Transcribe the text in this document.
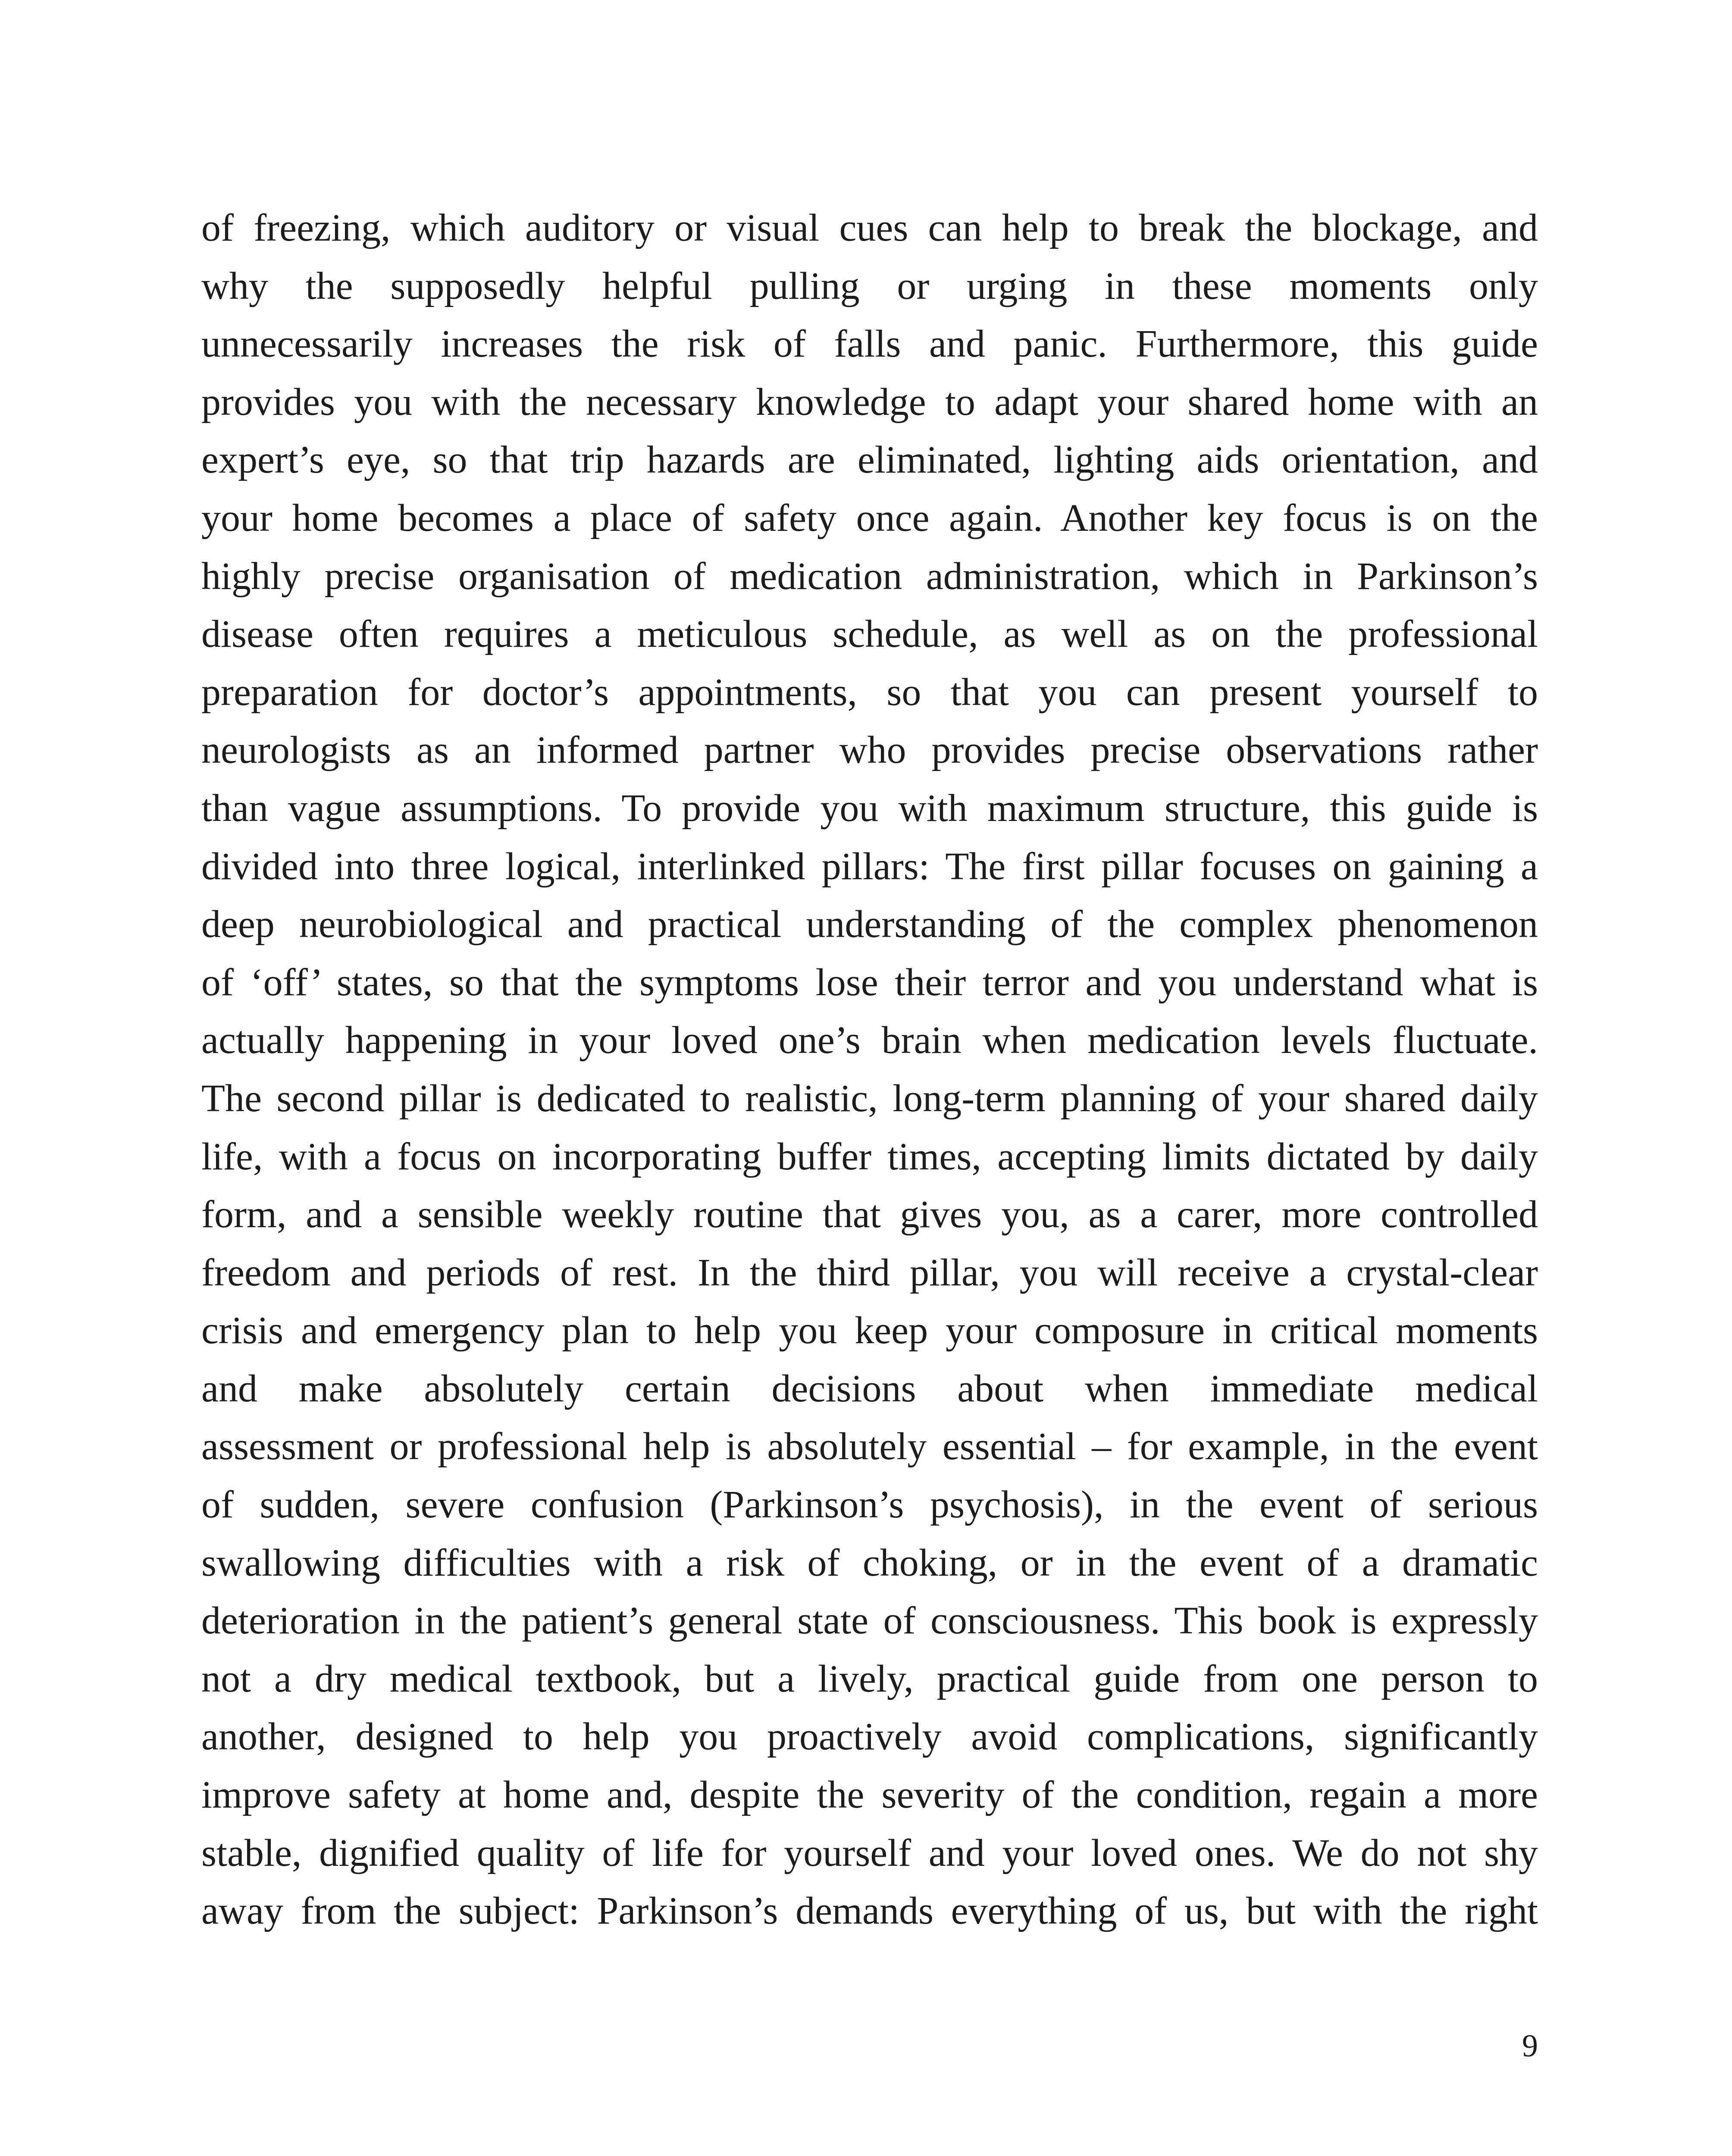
of freezing, which auditory or visual cues can help to break the blockage, and
why the supposedly helpful pulling or urging in these moments only
unnecessarily increases the risk of falls and panic. Furthermore, this guide
provides you with the necessary knowledge to adapt your shared home with an
expert’s eye, so that trip hazards are eliminated, lighting aids orientation, and
your home becomes a place of safety once again. Another key focus is on the
highly precise organisation of medication administration, which in Parkinson’s
disease often requires a meticulous schedule, as well as on the professional
preparation for doctor’s appointments, so that you can present yourself to
neurologists as an informed partner who provides precise observations rather
than vague assumptions. To provide you with maximum structure, this guide is
divided into three logical, interlinked pillars: The first pillar focuses on gaining a
deep neurobiological and practical understanding of the complex phenomenon
of ‘off’ states, so that the symptoms lose their terror and you understand what is
actually happening in your loved one’s brain when medication levels fluctuate.
The second pillar is dedicated to realistic, long-term planning of your shared daily
life, with a focus on incorporating buffer times, accepting limits dictated by daily
form, and a sensible weekly routine that gives you, as a carer, more controlled
freedom and periods of rest. In the third pillar, you will receive a crystal-clear
crisis and emergency plan to help you keep your composure in critical moments
and make absolutely certain decisions about when immediate medical
assessment or professional help is absolutely essential – for example, in the event
of sudden, severe confusion (Parkinson’s psychosis), in the event of serious
swallowing difficulties with a risk of choking, or in the event of a dramatic
deterioration in the patient’s general state of consciousness. This book is expressly
not a dry medical textbook, but a lively, practical guide from one person to
another, designed to help you proactively avoid complications, significantly
improve safety at home and, despite the severity of the condition, regain a more
stable, dignified quality of life for yourself and your loved ones. We do not shy
away from the subject: Parkinson’s demands everything of us, but with the right
9
